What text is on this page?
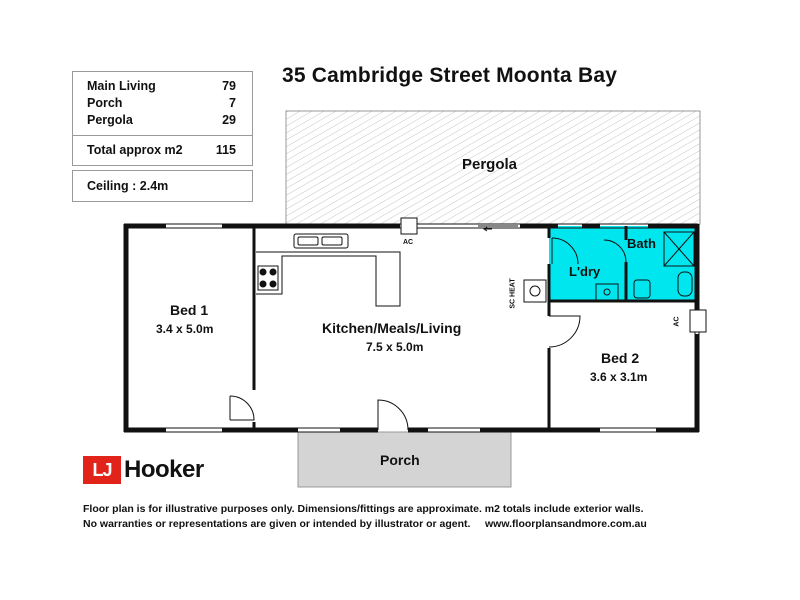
Main Living	79
Porch	7
Pergola	29
Total approx m2	115
Ceiling : 2.4m
35 Cambridge Street Moonta Bay
Pergola
Bed 1
3.4 x 5.0m	Kitchen/Meals/Living
7.5 x 5.0m
Bed 2
3.6 x 3.1m
L'dry
Bath
Porch
AC
AC
SC HEAT
LJ Hooker
Floor plan is for illustrative purposes only. Dimensions/fittings are approximate. m2 totals include exterior walls.
No warranties or representations are given or intended by illustrator or agent.     www.floorplansandmore.com.au
